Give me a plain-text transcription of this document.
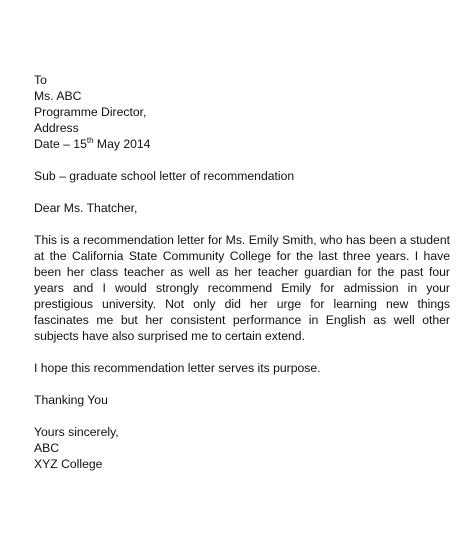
To
Ms. ABC
Programme Director,
Address
Date – 15th May 2014
Sub – graduate school letter of recommendation
Dear Ms. Thatcher,

This is a recommendation letter for Ms. Emily Smith, who has been a student at the California State Community College for the last three years. I have been her class teacher as well as her teacher guardian for the past four years and I would strongly recommend Emily for admission in your prestigious university. Not only did her urge for learning new things fascinates me but her consistent performance in English as well other subjects have also surprised me to certain extend.

I hope this recommendation letter serves its purpose.
Thanking You
Yours sincerely,
ABC
XYZ College
